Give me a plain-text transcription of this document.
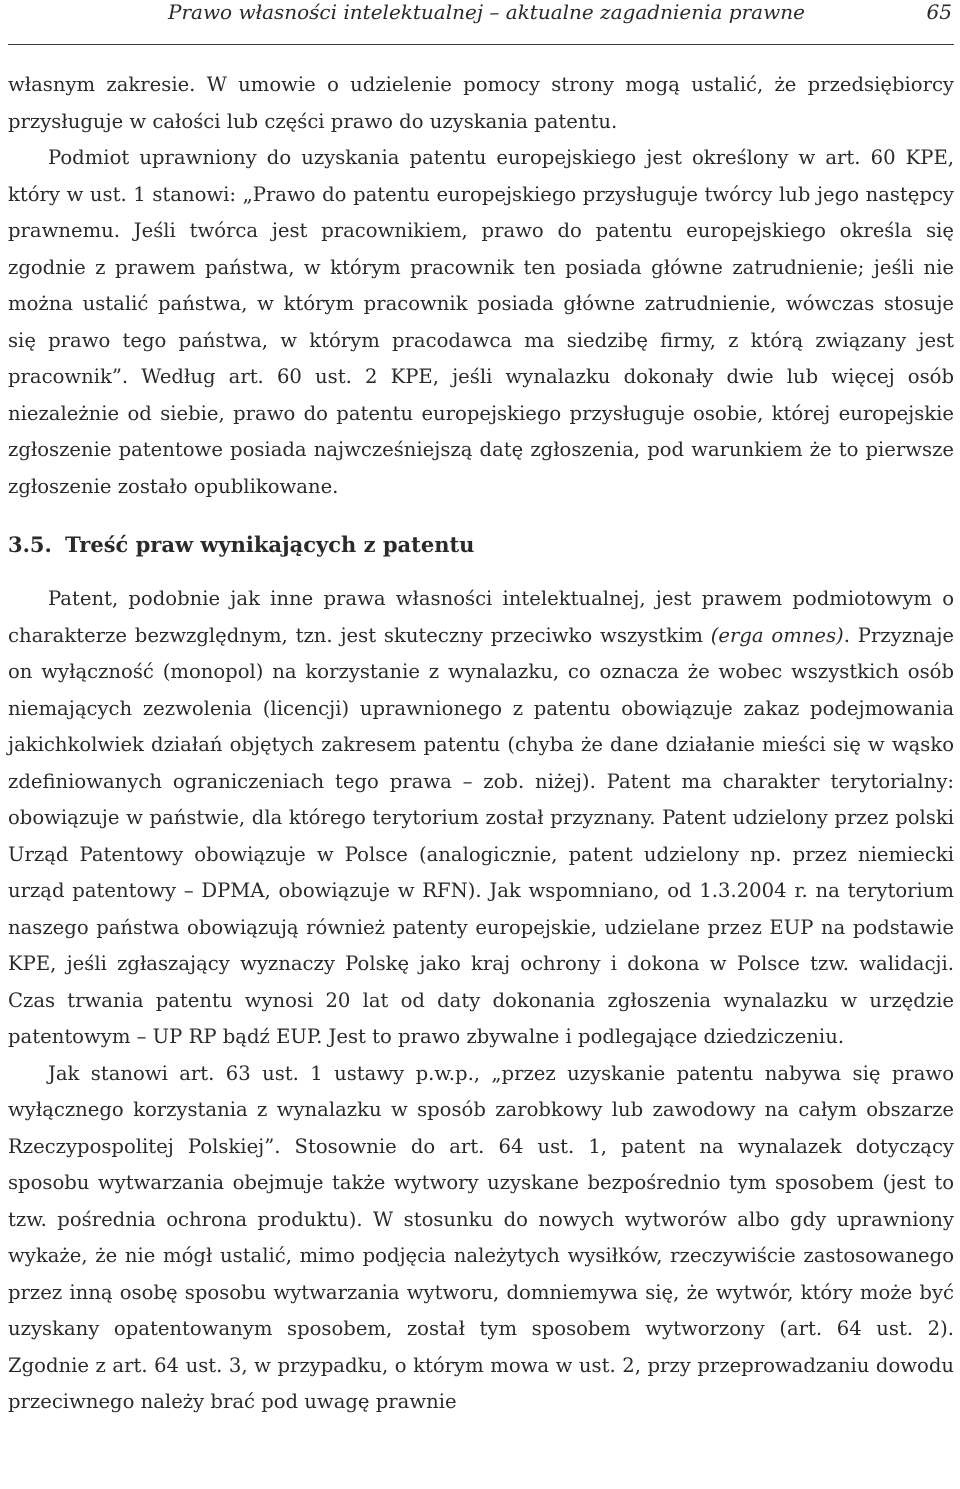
Prawo własności intelektualnej – aktualne zagadnienia prawne	65

własnym zakresie. W umowie o udzielenie pomocy strony mogą ustalić, że przedsiębiorcy przysługuje w całości lub części prawo do uzyskania patentu.

Podmiot uprawniony do uzyskania patentu europejskiego jest określony w art. 60 KPE, który w ust. 1 stanowi: „Prawo do patentu europejskiego przysługuje twórcy lub jego następcy prawnemu. Jeśli twórca jest pracownikiem, prawo do patentu europejskiego określa się zgodnie z prawem państwa, w którym pracownik ten posiada główne zatrudnienie; jeśli nie można ustalić państwa, w którym pracownik posiada główne zatrudnienie, wówczas stosuje się prawo tego państwa, w którym pracodawca ma siedzibę firmy, z którą związany jest pracownik”. Według art. 60 ust. 2 KPE, jeśli wynalazku dokonały dwie lub więcej osób niezależnie od siebie, prawo do patentu europejskiego przysługuje osobie, której europejskie zgłoszenie patentowe posiada najwcześniejszą datę zgłoszenia, pod warunkiem że to pierwsze zgłoszenie zostało opublikowane.

3.5. Treść praw wynikających z patentu

Patent, podobnie jak inne prawa własności intelektualnej, jest prawem podmiotowym o charakterze bezwzględnym, tzn. jest skuteczny przeciwko wszystkim (erga omnes). Przyznaje on wyłączność (monopol) na korzystanie z wynalazku, co oznacza że wobec wszystkich osób niemających zezwolenia (licencji) uprawnionego z patentu obowiązuje zakaz podejmowania jakichkolwiek działań objętych zakresem patentu (chyba że dane działanie mieści się w wąsko zdefiniowanych ograniczeniach tego prawa – zob. niżej). Patent ma charakter terytorialny: obowiązuje w państwie, dla którego terytorium został przyznany. Patent udzielony przez polski Urząd Patentowy obowiązuje w Polsce (analogicznie, patent udzielony np. przez niemiecki urząd patentowy – DPMA, obowiązuje w RFN). Jak wspomniano, od 1.3.2004 r. na terytorium naszego państwa obowiązują również patenty europejskie, udzielane przez EUP na podstawie KPE, jeśli zgłaszający wyznaczy Polskę jako kraj ochrony i dokona w Polsce tzw. walidacji. Czas trwania patentu wynosi 20 lat od daty dokonania zgłoszenia wynalazku w urzędzie patentowym – UP RP bądź EUP. Jest to prawo zbywalne i podlegające dziedziczeniu.

Jak stanowi art. 63 ust. 1 ustawy p.w.p., „przez uzyskanie patentu nabywa się prawo wyłącznego korzystania z wynalazku w sposób zarobkowy lub zawodowy na całym obszarze Rzeczypospolitej Polskiej”. Stosownie do art. 64 ust. 1, patent na wynalazek dotyczący sposobu wytwarzania obejmuje także wytwory uzyskane bezpośrednio tym sposobem (jest to tzw. pośrednia ochrona produktu). W stosunku do nowych wytworów albo gdy uprawniony wykaże, że nie mógł ustalić, mimo podjęcia należytych wysiłków, rzeczywiście zastosowanego przez inną osobę sposobu wytwarzania wytworu, domniemywa się, że wytwór, który może być uzyskany opatentowanym sposobem, został tym sposobem wytworzony (art. 64 ust. 2). Zgodnie z art. 64 ust. 3, w przypadku, o którym mowa w ust. 2, przy przeprowadzaniu dowodu przeciwnego należy brać pod uwagę prawnie
